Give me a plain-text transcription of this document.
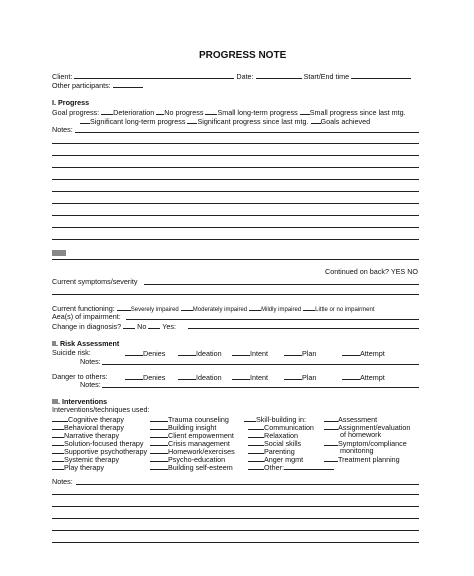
PROGRESS NOTE
Client:	Date:	Start/End time
Other participants:
I. Progress
Goal progress: Deterioration No progress Small long-term progress Small progress since last mtg.
Significant long-term progress Significant progress since last mtg. Goals achieved
Notes:
Continued on back? YES NO
Current symptoms/severity
Current functioning:	Severely impaired Moderately impaired Mildly impaired Little or no impairment
Aea(s) of impairment:
Change in diagnosis? No Yes:
II. Risk Assessment
Suicide risk:	Denies	Ideation	Intent	Plan	Attempt
Notes:
Danger to others:	Denies	Ideation	Intent	Plan	Attempt
Notes:
III. Interventions
Interventions/techniques used:
Cognitive therapy
Behavioral therapy
Narrative therapy
Solution-focused therapy
Supportive psychotherapy
Systemic therapy
Play therapy
Trauma counseling
Building insight
Client empowerment
Crisis management
Homework/exercises
Psycho-education
Building self-esteem
Skill-building in:
Communication
Relaxation
Social skills
Parenting
Anger mgmt
Other:
Assessment
Assignment/evaluation
of homework
Symptom/compliance
monitoring
Treatment planning
Notes:
